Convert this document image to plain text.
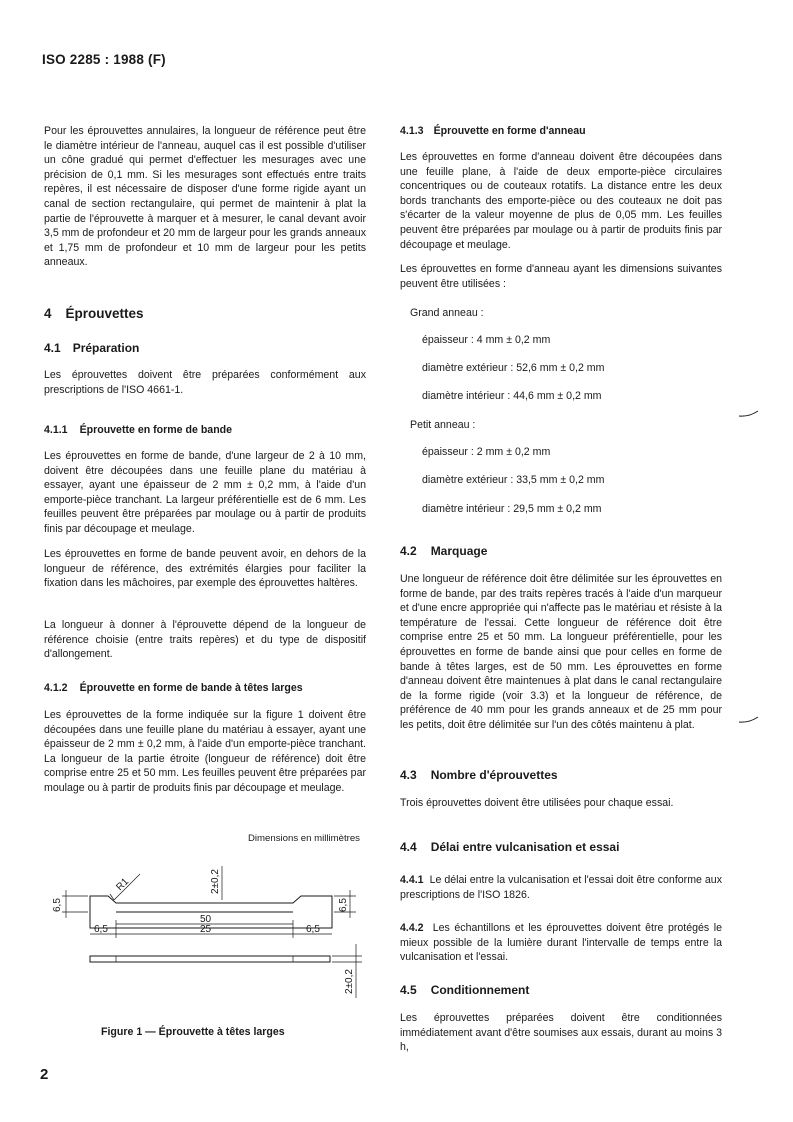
ISO 2285 : 1988 (F)
Pour les éprouvettes annulaires, la longueur de référence peut être le diamètre intérieur de l'anneau, auquel cas il est possible d'utiliser un cône gradué qui permet d'effectuer les mesurages avec une précision de 0,1 mm. Si les mesurages sont effectués entre traits repères, il est nécessaire de disposer d'une forme rigide ayant un canal de section rectangulaire, qui permet de maintenir à plat la partie de l'éprouvette à marquer et à mesurer, le canal devant avoir 3,5 mm de profondeur et 20 mm de largeur pour les grands anneaux et 1,75 mm de profondeur et 10 mm de largeur pour les petits anneaux.
4 Éprouvettes
4.1 Préparation
Les éprouvettes doivent être préparées conformément aux prescriptions de l'ISO 4661-1.
4.1.1 Éprouvette en forme de bande
Les éprouvettes en forme de bande, d'une largeur de 2 à 10 mm, doivent être découpées dans une feuille plane du matériau à essayer, ayant une épaisseur de 2 mm ± 0,2 mm, à l'aide d'un emporte-pièce tranchant. La largeur préférentielle est de 6 mm. Les feuilles peuvent être préparées par moulage ou à partir de produits finis par découpage et meulage.
Les éprouvettes en forme de bande peuvent avoir, en dehors de la longueur de référence, des extrémités élargies pour faciliter la fixation dans les mâchoires, par exemple des éprouvettes haltères.
La longueur à donner à l'éprouvette dépend de la longueur de référence choisie (entre traits repères) et du type de dispositif d'allongement.
4.1.2 Éprouvette en forme de bande à têtes larges
Les éprouvettes de la forme indiquée sur la figure 1 doivent être découpées dans une feuille plane du matériau à essayer, ayant une épaisseur de 2 mm ± 0,2 mm, à l'aide d'un emporte-pièce tranchant. La longueur de la partie étroite (longueur de référence) doit être comprise entre 25 et 50 mm. Les feuilles peuvent être préparées par moulage ou à partir de produits finis par découpage et meulage.
Dimensions en millimètres
R1	2±0,2
6,5	6,5
50
25
6,5	6,5
2±0,2
Figure 1 — Éprouvette à têtes larges
4.1.3 Éprouvette en forme d'anneau
Les éprouvettes en forme d'anneau doivent être découpées dans une feuille plane, à l'aide de deux emporte-pièce circulaires concentriques ou de couteaux rotatifs. La distance entre les deux bords tranchants des emporte-pièce ou des couteaux ne doit pas s'écarter de la valeur moyenne de plus de 0,05 mm. Les feuilles peuvent être préparées par moulage ou à partir de produits finis par découpage et meulage.
Les éprouvettes en forme d'anneau ayant les dimensions suivantes peuvent être utilisées :
Grand anneau :
épaisseur : 4 mm ± 0,2 mm
diamètre extérieur : 52,6 mm ± 0,2 mm
diamètre intérieur : 44,6 mm ± 0,2 mm
Petit anneau :
épaisseur : 2 mm ± 0,2 mm
diamètre extérieur : 33,5 mm ± 0,2 mm
diamètre intérieur : 29,5 mm ± 0,2 mm
4.2 Marquage
Une longueur de référence doit être délimitée sur les éprouvettes en forme de bande, par des traits repères tracés à l'aide d'un marqueur et d'une encre appropriée qui n'affecte pas le matériau et résiste à la température de l'essai. Cette longueur de référence doit être comprise entre 25 et 50 mm. La longueur préférentielle, pour les éprouvettes en forme de bande ainsi que pour celles en forme de bande à têtes larges, est de 50 mm. Les éprouvettes en forme d'anneau doivent être maintenues à plat dans le canal rectangulaire de la forme rigide (voir 3.3) et la longueur de référence, de préférence de 40 mm pour les grands anneaux et de 25 mm pour les petits, doit être délimitée sur l'un des côtés maintenu à plat.
4.3 Nombre d'éprouvettes
Trois éprouvettes doivent être utilisées pour chaque essai.
4.4 Délai entre vulcanisation et essai
4.4.1 Le délai entre la vulcanisation et l'essai doit être conforme aux prescriptions de l'ISO 1826.
4.4.2 Les échantillons et les éprouvettes doivent être protégés le mieux possible de la lumière durant l'intervalle de temps entre la vulcanisation et l'essai.
4.5 Conditionnement
Les éprouvettes préparées doivent être conditionnées immédiatement avant d'être soumises aux essais, durant au moins 3 h,
2
